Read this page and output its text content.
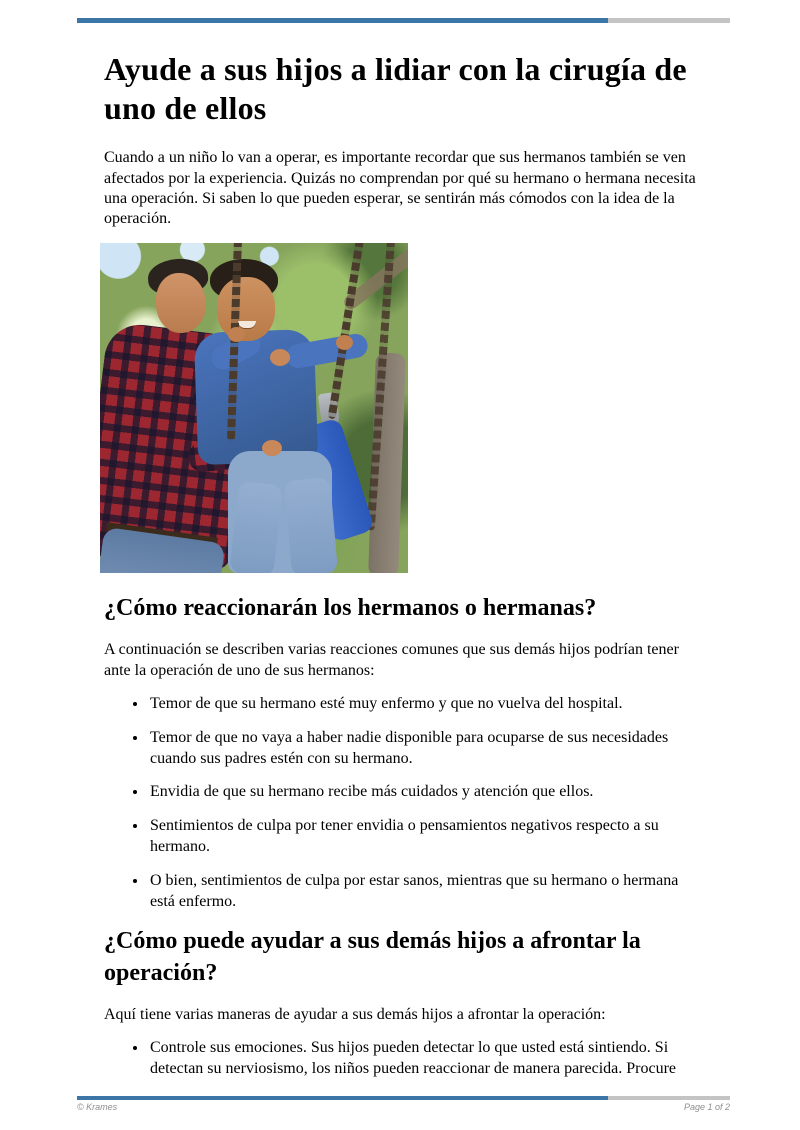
Ayude a sus hijos a lidiar con la cirugía de uno de ellos

Cuando a un niño lo van a operar, es importante recordar que sus hermanos también se ven afectados por la experiencia. Quizás no comprendan por qué su hermano o hermana necesita una operación. Si saben lo que pueden esperar, se sentirán más cómodos con la idea de la operación.

¿Cómo reaccionarán los hermanos o hermanas?

A continuación se describen varias reacciones comunes que sus demás hijos podrían tener ante la operación de uno de sus hermanos:

• Temor de que su hermano esté muy enfermo y que no vuelva del hospital.
• Temor de que no vaya a haber nadie disponible para ocuparse de sus necesidades cuando sus padres estén con su hermano.
• Envidia de que su hermano recibe más cuidados y atención que ellos.
• Sentimientos de culpa por tener envidia o pensamientos negativos respecto a su hermano.
• O bien, sentimientos de culpa por estar sanos, mientras que su hermano o hermana está enfermo.
¿Cómo puede ayudar a sus demás hijos a afrontar la operación?

Aquí tiene varias maneras de ayudar a sus demás hijos a afrontar la operación:

• Controle sus emociones. Sus hijos pueden detectar lo que usted está sintiendo. Si detectan su nerviosismo, los niños pueden reaccionar de manera parecida. Procure
© Krames	Page 1 of 2
